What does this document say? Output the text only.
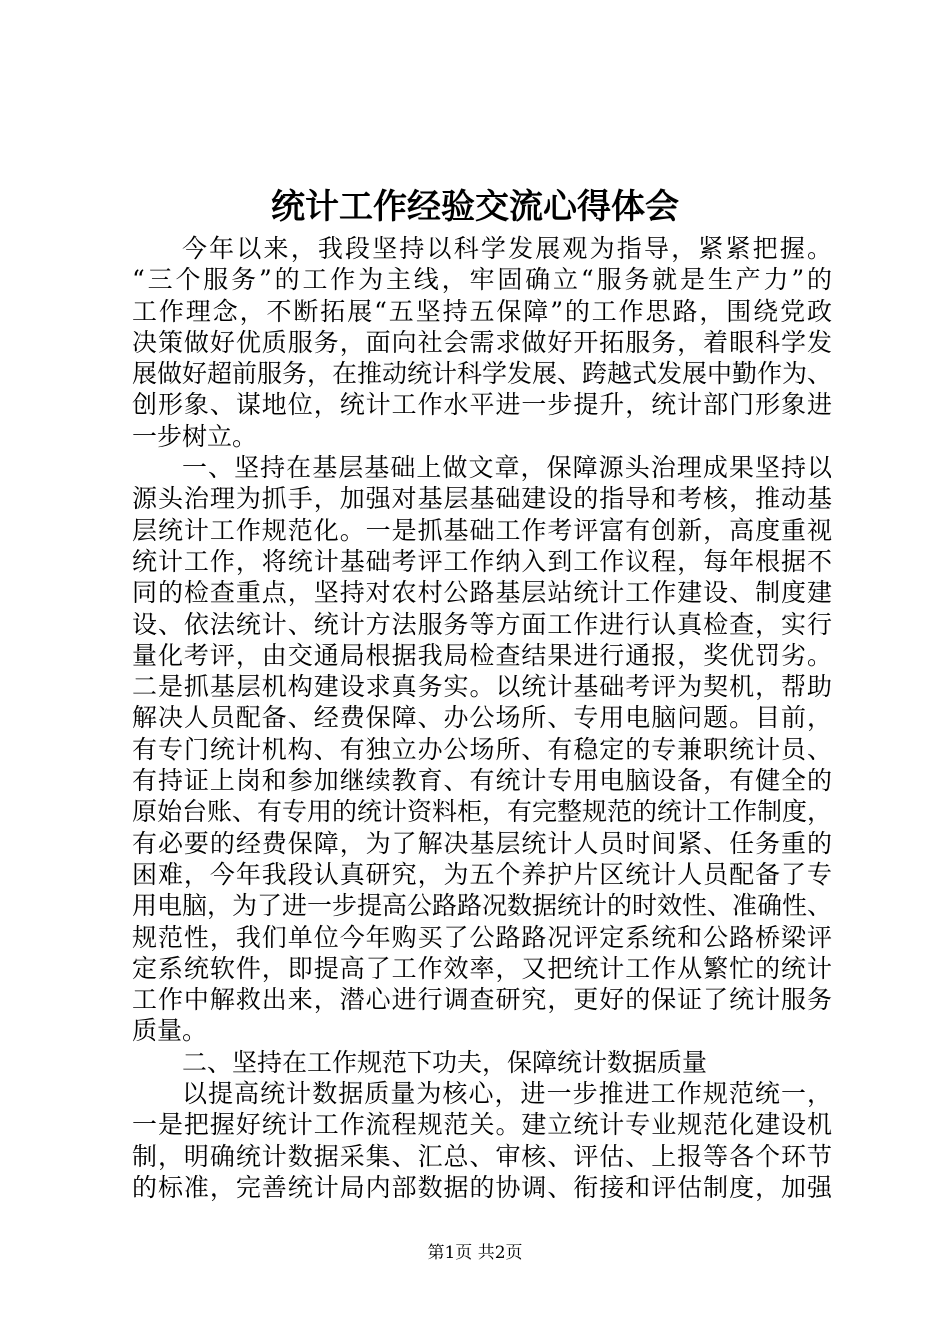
统计工作经验交流心得体会
今年以来，我段坚持以科学发展观为指导，紧紧把握。
“三个服务”的工作为主线，牢固确立“服务就是生产力”的
工作理念，不断拓展“五坚持五保障”的工作思路，围绕党政
决策做好优质服务，面向社会需求做好开拓服务，着眼科学发
展做好超前服务，在推动统计科学发展、跨越式发展中勤作为、
创形象、谋地位，统计工作水平进一步提升，统计部门形象进
一步树立。
一、坚持在基层基础上做文章，保障源头治理成果坚持以
源头治理为抓手，加强对基层基础建设的指导和考核，推动基
层统计工作规范化。一是抓基础工作考评富有创新，高度重视
统计工作，将统计基础考评工作纳入到工作议程，每年根据不
同的检查重点，坚持对农村公路基层站统计工作建设、制度建
设、依法统计、统计方法服务等方面工作进行认真检查，实行
量化考评，由交通局根据我局检查结果进行通报，奖优罚劣。
二是抓基层机构建设求真务实。以统计基础考评为契机，帮助
解决人员配备、经费保障、办公场所、专用电脑问题。目前，
有专门统计机构、有独立办公场所、有稳定的专兼职统计员、
有持证上岗和参加继续教育、有统计专用电脑设备，有健全的
原始台账、有专用的统计资料柜，有完整规范的统计工作制度，
有必要的经费保障，为了解决基层统计人员时间紧、任务重的
困难，今年我段认真研究，为五个养护片区统计人员配备了专
用电脑，为了进一步提高公路路况数据统计的时效性、准确性、
规范性，我们单位今年购买了公路路况评定系统和公路桥梁评
定系统软件，即提高了工作效率，又把统计工作从繁忙的统计
工作中解救出来，潜心进行调查研究，更好的保证了统计服务
质量。
二、坚持在工作规范下功夫，保障统计数据质量
以提高统计数据质量为核心，进一步推进工作规范统一，
一是把握好统计工作流程规范关。建立统计专业规范化建设机
制，明确统计数据采集、汇总、审核、评估、上报等各个环节
的标准，完善统计局内部数据的协调、衔接和评估制度，加强
第1页 共2页
